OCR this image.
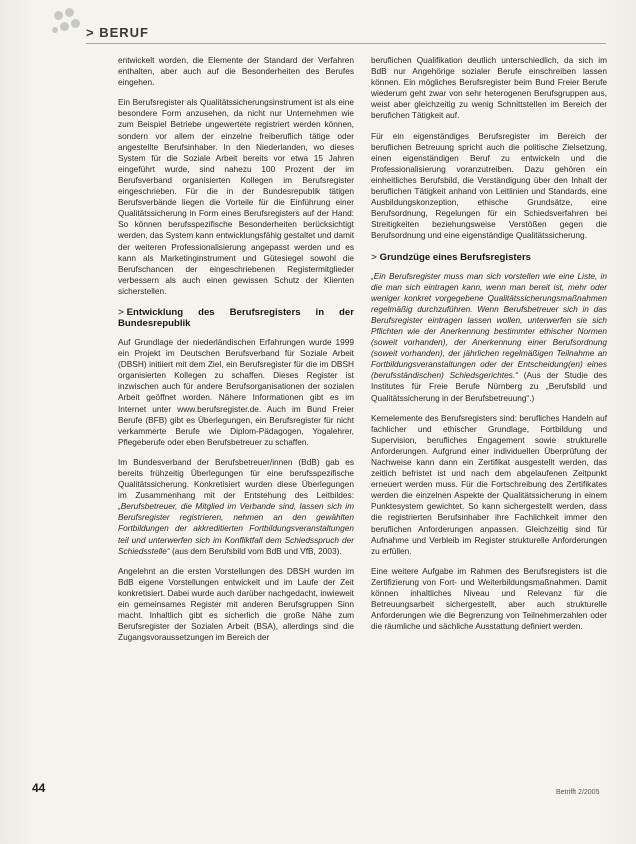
> BERUF

entwickelt worden, die Elemente der Standard der Verfahren enthalten, aber auch auf die Besonderheiten des Berufes eingehen.

Ein Berufsregister als Qualitätssicherungsinstrument ist als eine besondere Form anzusehen, da nicht nur Unternehmen wie zum Beispiel Betriebe ungewertete registriert werden können, sondern vor allem der einzelne freiberuflich tätige oder angestellte Berufsinhaber. In den Niederlanden, wo dieses System für die Soziale Arbeit bereits vor etwa 15 Jahren eingeführt wurde, sind nahezu 100 Prozent der im Berufsverband organisierten Kollegen im Berufsregister eingeschrieben. Für die in der Bundesrepublik tätigen Berufsverbände liegen die Vorteile für die Einführung einer Qualitätssicherung in Form eines Berufsregisters auf der Hand: So können berufsspezifische Besonderheiten berücksichtigt werden, das System kann entwicklungsfähig gestaltet und damit der weiteren Professionalisierung angepasst werden und es kann als Marketinginstrument und Gütesiegel sowohl die Berufschancen der eingeschriebenen Registermitglieder verbessern als auch einen gewissen Schutz der Klienten sicherstellen.

> Entwicklung des Berufsregisters in der Bundesrepublik

Auf Grundlage der niederländischen Erfahrungen wurde 1999 ein Projekt im Deutschen Berufsverband für Soziale Arbeit (DBSH) initiiert mit dem Ziel, ein Berufsregister für die im DBSH organisierten Kollegen zu schaffen. Dieses Register ist inzwischen auch für andere Berufsorganisationen der sozialen Arbeit geöffnet worden. Nähere Informationen gibt es im Internet unter www.berufsregister.de. Auch im Bund Freier Berufe (BFB) gibt es Überlegungen, ein Berufsregister für nicht verkammerte Berufe wie Diplom-Pädagogen, Yogalehrer, Pflegeberufe oder eben Berufsbetreuer zu schaffen.

Im Bundesverband der Berufsbetreuer/innen (BdB) gab es bereits frühzeitig Überlegungen für eine berufsspezifische Qualitätssicherung. Konkretisiert wurden diese Überlegungen im Zusammenhang mit der Entstehung des Leitbildes: „Berufsbetreuer, die Mitglied im Verbande sind, lassen sich im Berufsregister registrieren, nehmen an den gewählten Fortbildungen der akkreditierten Fortbildungsveranstaltungen teil und unterwerfen sich im Konfliktfall dem Schiedsspruch der Schiedsstelle“ (aus dem Berufsbild vom BdB und VfB, 2003).

Angelehnt an die ersten Vorstellungen des DBSH wurden im BdB eigene Vorstellungen entwickelt und im Laufe der Zeit konkretisiert. Dabei wurde auch darüber nachgedacht, inwieweit ein gemeinsames Register mit anderen Berufsgruppen Sinn macht. Inhaltlich gibt es sicherlich die große Nähe zum Berufsregister der Sozialen Arbeit (BSA), allerdings sind die Zugangsvoraussetzungen im Bereich der

beruflichen Qualifikation deutlich unterschiedlich, da sich im BdB nur Angehörige sozialer Berufe einschreiben lassen können. Ein mögliches Berufsregister beim Bund Freier Berufe wiederum geht zwar von sehr heterogenen Berufsgruppen aus, weist aber gleichzeitig zu wenig Schnittstellen im Bereich der berufichen Tätigkeit auf.

Für ein eigenständiges Berufsregister im Bereich der beruflichen Betreuung spricht auch die politische Zielsetzung, einen eigenständigen Beruf zu entwickeln und die Professionalisierung voranzutreiben. Dazu gehören ein einheitliches Berufsbild, die Verständigung über den Inhalt der beruflichen Tätigkeit anhand von Leitlinien und Standards, eine Ausbildungskonzeption, ethische Grundsätze, eine Berufsordnung, Regelungen für ein Schiedsverfahren bei Streitigkeiten beziehungsweise Verstößen gegen die Berufsordnung und eine eigenständige Qualitätssicherung.

> Grundzüge eines Berufsregisters

„Ein Berufsregister muss man sich vorstellen wie eine Liste, in die man sich eintragen kann, wenn man bereit ist, mehr oder weniger konkret vorgegebene Qualitätssicherungsmaßnahmen regelmäßig durchzuführen. Wenn Berufsbetreuer sich in das Berufsregister eintragen lassen wollen, unterwerfen sie sich Pflichten wie der Anerkennung bestimmter ethischer Normen (soweit vorhanden), der Anerkennung einer Berufsordnung (soweit vorhanden), der jährlichen regelmäßigen Teilnahme an Fortbildungsveranstaltungen oder der Entscheidung(en) eines (berufsständischen) Schiedsgerichtes.“ (Aus der Studie des Institutes für Freie Berufe Nürnberg zu „Berufsbild und Qualitätssicherung in der Berufsbetreuung“.)

Kernelemente des Berufsregisters sind: berufliches Handeln auf fachlicher und ethischer Grundlage, Fortbildung und Supervision, berufliches Engagement sowie strukturelle Anforderungen. Aufgrund einer individuellen Überprüfung der Nachweise kann dann ein Zertifikat ausgestellt werden, das zeitlich befristet ist und nach dem abgelaufenen Zeitpunkt erneuert werden muss. Für die Fortschreibung des Zertifikates werden die einzelnen Aspekte der Qualitätssicherung in einem Punktesystem gewichtet. So kann sichergestellt werden, dass die registrierten Berufsinhaber ihre Fachlichkeit immer den beruflichen Anforderungen anpassen. Gleichzeitig sind für Aufnahme und Verbleib im Register strukturelle Anforderungen zu erfüllen.

Eine weitere Aufgabe im Rahmen des Berufsregisters ist die Zertifizierung von Fort- und Weiterbildungsmaßnahmen. Damit können inhaltliches Niveau und Relevanz für die Betreuungsarbeit sichergestellt, aber auch strukturelle Anforderungen wie die Begrenzung von Teilnehmerzahlen oder die räumliche und sächliche Ausstattung definiert werden.

44	Betrifft 2/2005
